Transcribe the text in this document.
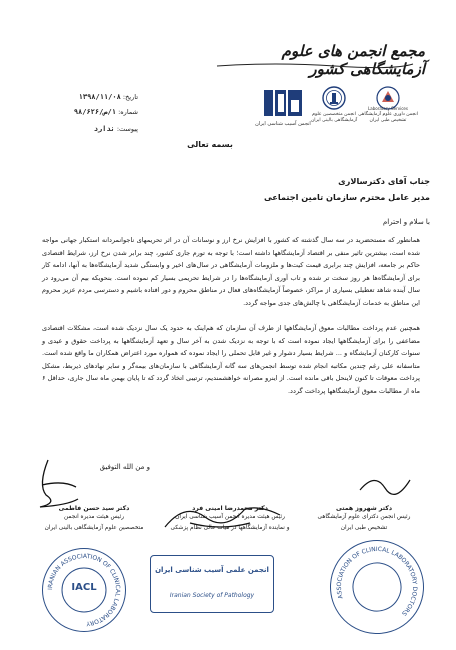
مجمع انجمن های علوم آزمایشگاهی کشور
انجمن داوری علوم آزمایشگاهی تشخیص طبی ایران
Laboratory Services
انجمن متخصصین علوم آزمایشگاهی بالینی ایران
انجمن آسیب شناسی ایران
تاریخ: ۱۳۹۸/۱۱/۰۸
شماره: ۱/ص/۹۸/۶۲۶
پیوست: ندارد
بسمه تعالی
جناب آقای دکترسالاری
مدیر عامل محترم سازمان تامین اجتماعی
با سلام و احترام
همانطور که مستحضرید در سه سال گذشته که کشور با افزایش نرخ ارز و نوسانات آن در اثر تحریمهای ناجوانمردانه استکبار جهانی مواجه شده است، بیشترین تاثیر منفی بر اقتصاد آزمایشگاهها داشته است؛ با توجه به تورم جاری کشور، چند برابر شدن نرخ ارز، شرایط اقتصادی حاکم بر جامعه، افزایش چند برابری قیمت کیت‌ها و ملزومات آزمایشگاهی در سال‌های اخیر و وابستگی شدید آزمایشگاه‌ها به آنها، ادامه کار برای آزمایشگاه‌ها هر روز سخت تر شده و تاب آوری آزمایشگاه‌ها را در شرایط تحریمی بسیار کم نموده است. بنحویکه بیم آن می‌رود در سال آینده شاهد تعطیلی بسیاری از مراکز، خصوصاً آزمایشگاه‌های فعال در مناطق محروم و دور افتاده باشیم و دسترسی مردم عزیز محروم این مناطق به خدمات آزمایشگاهی با چالش‌های جدی مواجه گردد.
همچنین عدم پرداخت مطالبات معوق آزمایشگاهها از طرف آن سازمان که هم‌اینک به حدود یک سال نزدیک شده است، مشکلات اقتصادی مضاعفی را برای آزمایشگاهها ایجاد نموده است که با توجه به نزدیک شدن به آخر سال و تعهد آزمایشگاهها به پرداخت حقوق و عیدی و سنوات کارکنان آزمایشگاه و ... شرایط بسیار دشوار و غیر قابل تحملی را ایجاد نموده که همواره مورد اعتراض همکاران ما واقع شده است. متاسفانه علی رغم چندین مکاتبه انجام شده توسط انجمن‌های سه گانه آزمایشگاهی با سازمان‌های بیمه‌گر و سایر نهادهای ذیربط، مشکل پرداخت معوقات تا کنون لاینحل باقی مانده است. از اینرو مصرانه خواهشمندیم، ترتیبی اتخاذ گردد که تا پایان بهمن ماه سال جاری، حداقل ۶ ماه از مطالبات معوق آزمایشگاهها پرداخت گردد.
و من الله التوفیق
دکتر شهروز همتی
رئیس انجمن دکترای علوم آزمایشگاهی
تشخیص طبی ایران
دکتر محمدرضا امینی فرد
رئیس هیئت مدیره انجمن آسیب شناسی ایران
و نماینده آزمایشگاهها در هیات عالی نظام پزشکی
دکتر سید حسن فاطمی
رئیس هیئت مدیره انجمن
متخصصین علوم آزمایشگاهی بالینی ایران
IRANIAN ASSOCIATION OF CLINICAL LABORATORY
IACL
انجمن علمی آسیب شناسی ایران
Iranian Society of Pathology	ASSOCIATION OF CLINICAL LABORATORY DOCTORS
